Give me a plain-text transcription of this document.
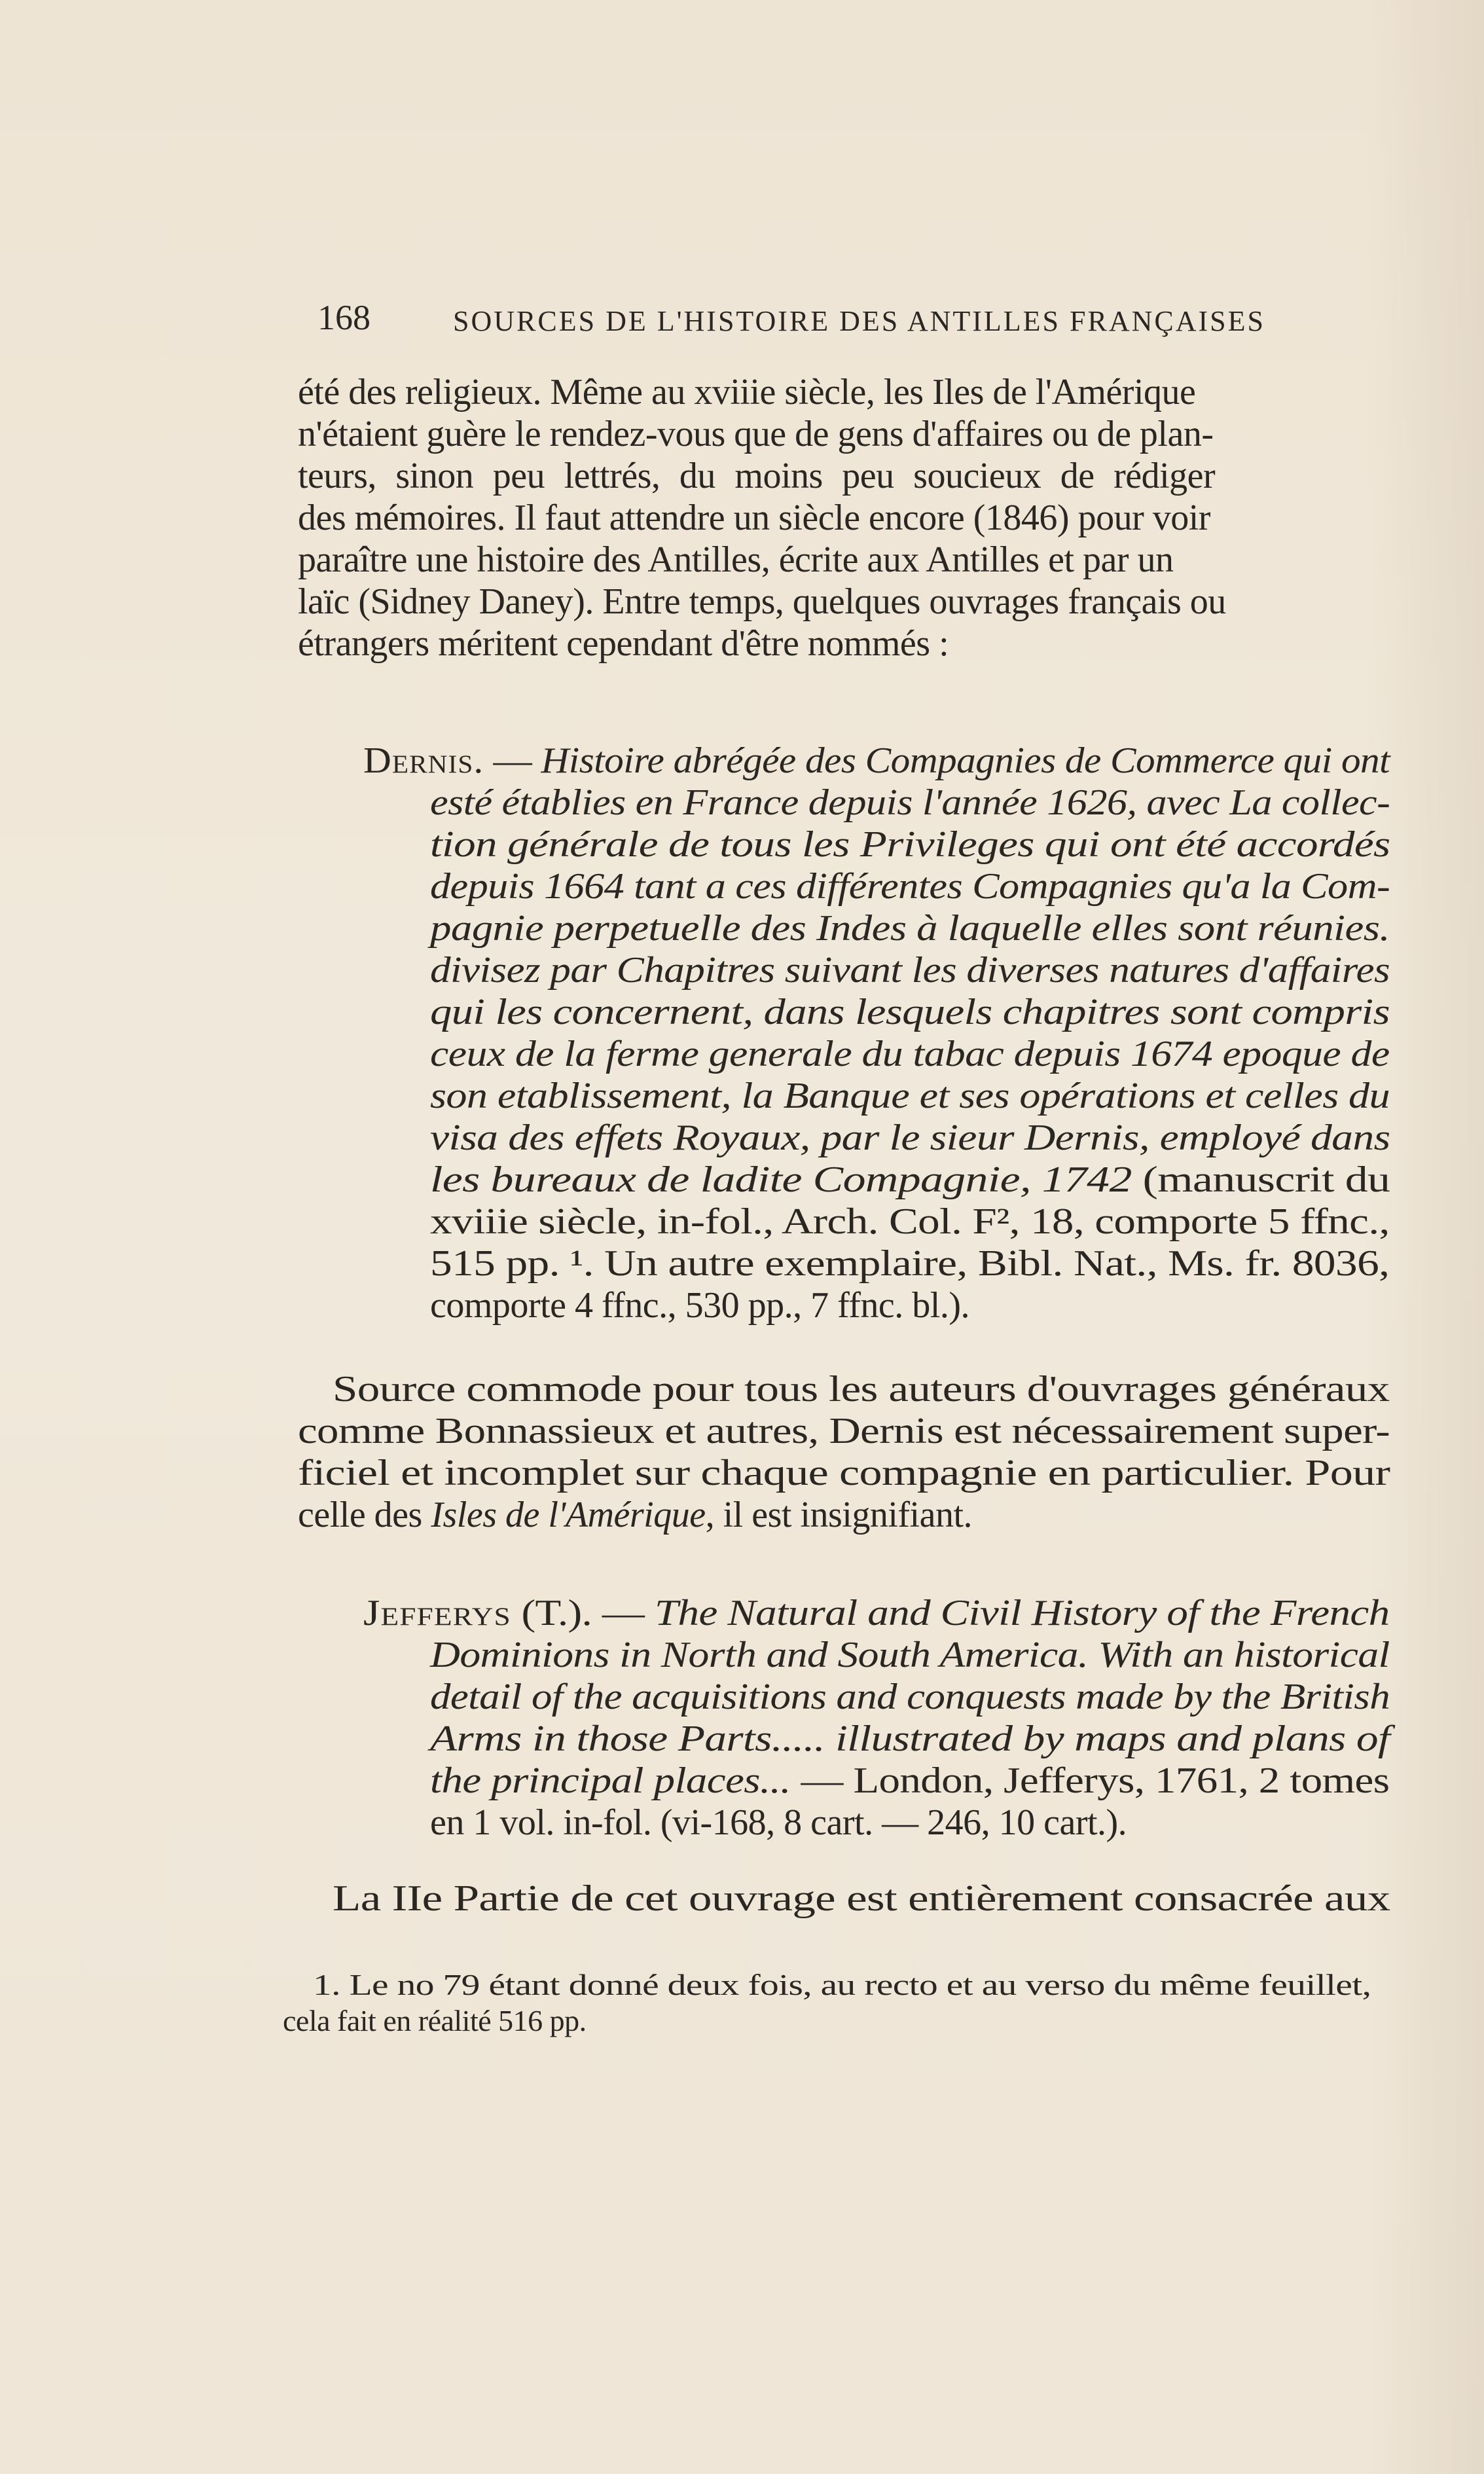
168	SOURCES DE L'HISTOIRE DES ANTILLES FRANÇAISES
été des religieux. Même au xviiie siècle, les Iles de l'Amérique
n'étaient guère le rendez-vous que de gens d'affaires ou de plan-
teurs, sinon peu lettrés, du moins peu soucieux de rédiger
des mémoires. Il faut attendre un siècle encore (1846) pour voir
paraître une histoire des Antilles, écrite aux Antilles et par un
laïc (Sidney Daney). Entre temps, quelques ouvrages français ou
étrangers méritent cependant d'être nommés :
Dernis. — Histoire abrégée des Compagnies de Commerce qui ont
esté établies en France depuis l'année 1626, avec La collec-
tion générale de tous les Privileges qui ont été accordés
depuis 1664 tant a ces différentes Compagnies qu'a la Com-
pagnie perpetuelle des Indes à laquelle elles sont réunies.
divisez par Chapitres suivant les diverses natures d'affaires
qui les concernent, dans lesquels chapitres sont compris
ceux de la ferme generale du tabac depuis 1674 epoque de
son etablissement, la Banque et ses opérations et celles du
visa des effets Royaux, par le sieur Dernis, employé dans
les bureaux de ladite Compagnie, 1742 (manuscrit du
xviiie siècle, in-fol., Arch. Col. F², 18, comporte 5 ffnc.,
515 pp. ¹. Un autre exemplaire, Bibl. Nat., Ms. fr. 8036,
comporte 4 ffnc., 530 pp., 7 ffnc. bl.).
Source commode pour tous les auteurs d'ouvrages généraux
comme Bonnassieux et autres, Dernis est nécessairement super-
ficiel et incomplet sur chaque compagnie en particulier. Pour
celle des Isles de l'Amérique, il est insignifiant.
Jefferys (T.). — The Natural and Civil History of the French
Dominions in North and South America. With an historical
detail of the acquisitions and conquests made by the British
Arms in those Parts..... illustrated by maps and plans of
the principal places... — London, Jefferys, 1761, 2 tomes
en 1 vol. in-fol. (vi-168, 8 cart. — 246, 10 cart.).
La IIe Partie de cet ouvrage est entièrement consacrée aux
1. Le no 79 étant donné deux fois, au recto et au verso du même feuillet,
cela fait en réalité 516 pp.
